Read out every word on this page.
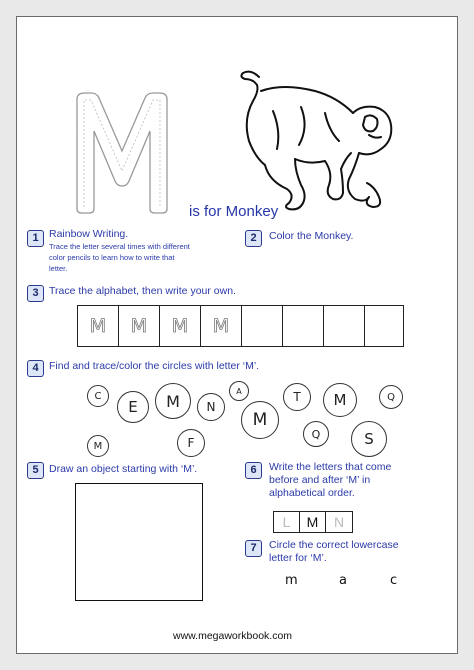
is for Monkey
1 Rainbow Writing.
Trace the letter several times with different
color pencils to learn how to write that
letter.
2	Color the Monkey.
3 Trace the alphabet, then write your own.
M M M M
4 Find and trace/color the circles with letter ‘M’.
C
E	M	N
A
M
T	M	Q
M	F
Q	S
5 Draw an object starting with ‘M’.	6	Write the letters that come
before and after ‘M’ in
alphabetical order.
L	M	N
7	Circle the correct lowercase
letter for ‘M’.
m	a	c
www.megaworkbook.com
